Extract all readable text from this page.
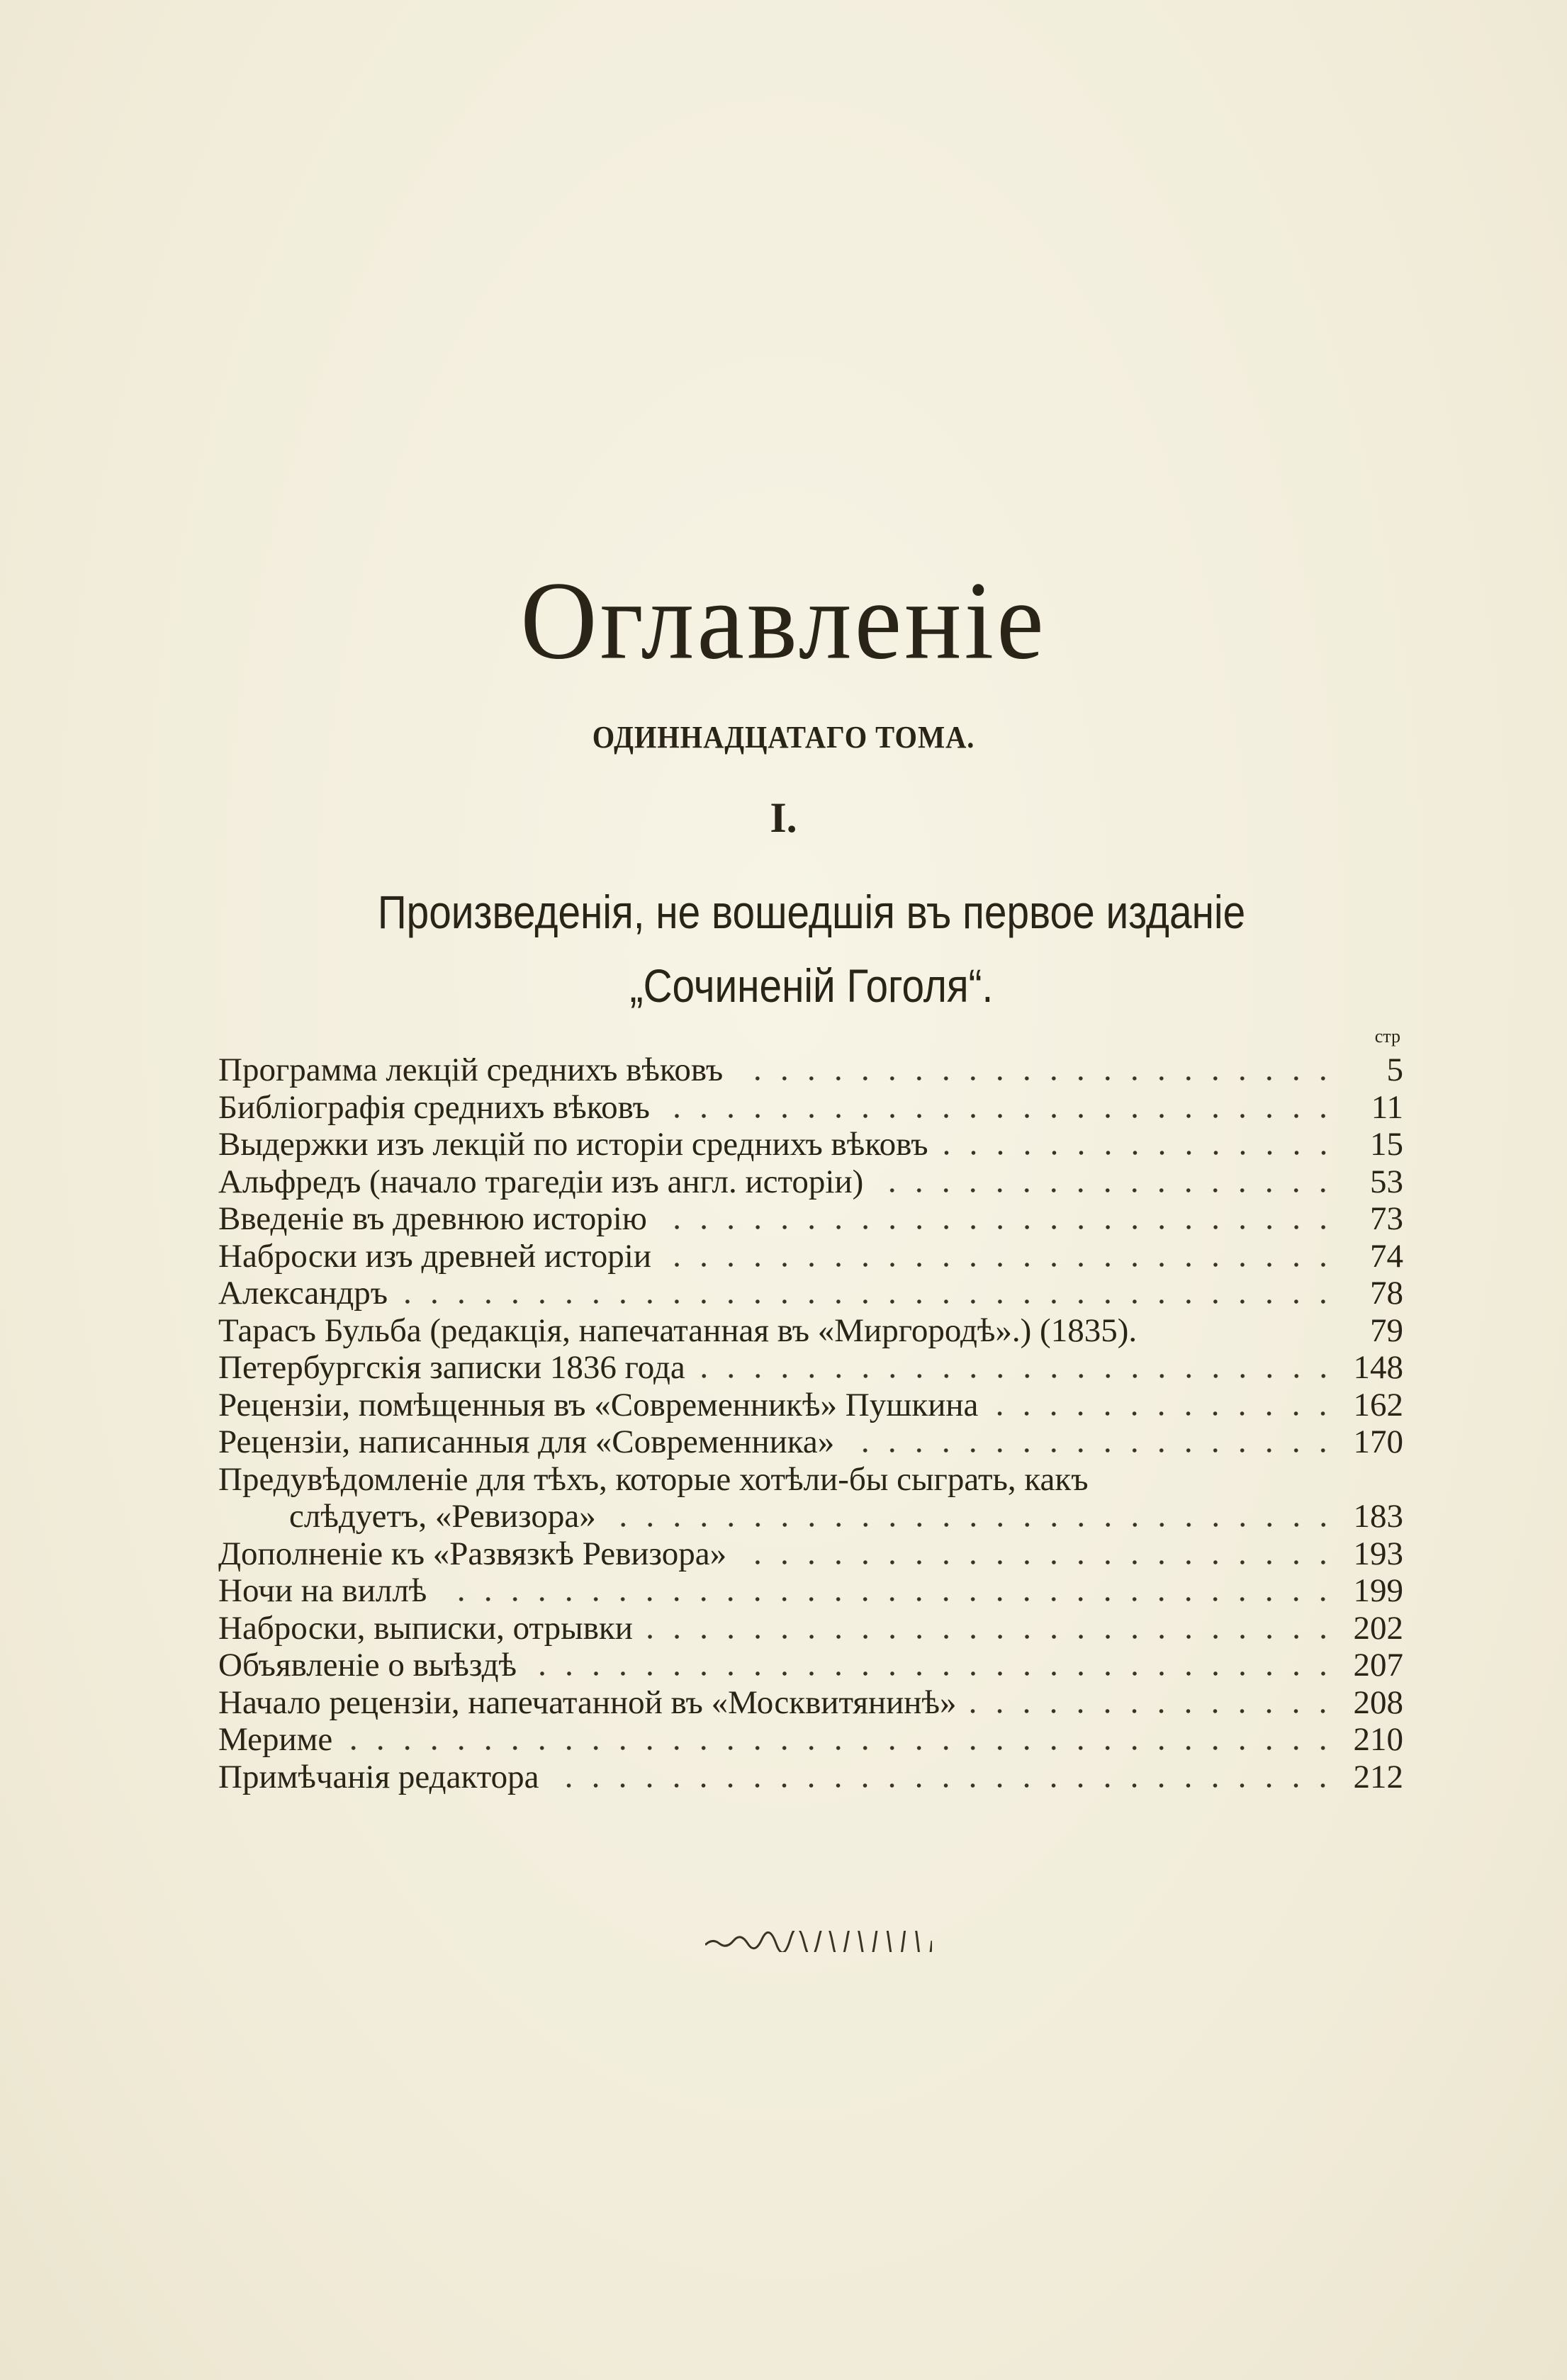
Оглавленіе
ОДИННАДЦАТАГО ТОМА.
I.
Произведенія, не вошедшія въ первое изданіе „Сочиненій Гоголя“.
стр
Программа лекцій среднихъ вѣковъ	5
Библіографія среднихъ вѣковъ	11
Выдержки изъ лекцій по исторіи среднихъ вѣковъ	15
Альфредъ (начало трагедіи изъ англ. исторіи)	53
Введеніе въ древнюю исторію	73
Наброски изъ древней исторіи	74
Александръ	78
Тарасъ Бульба (редакція, напечатанная въ «Миргородѣ».) (1835).	79
Петербургскія записки 1836 года	148
Рецензіи, помѣщенныя въ «Современникѣ» Пушкина	162
Рецензіи, написанныя для «Современника»	170
Предувѣдомленіе для тѣхъ, которые хотѣли-бы сыграть, какъ
слѣдуетъ, «Ревизора»	183
Дополненіе къ «Развязкѣ Ревизора»	193
Ночи на виллѣ	199
Наброски, выписки, отрывки	202
Объявленіе о выѣздѣ	207
Начало рецензіи, напечатанной въ «Москвитянинѣ»	208
Мериме	210
Примѣчанія редактора	212
